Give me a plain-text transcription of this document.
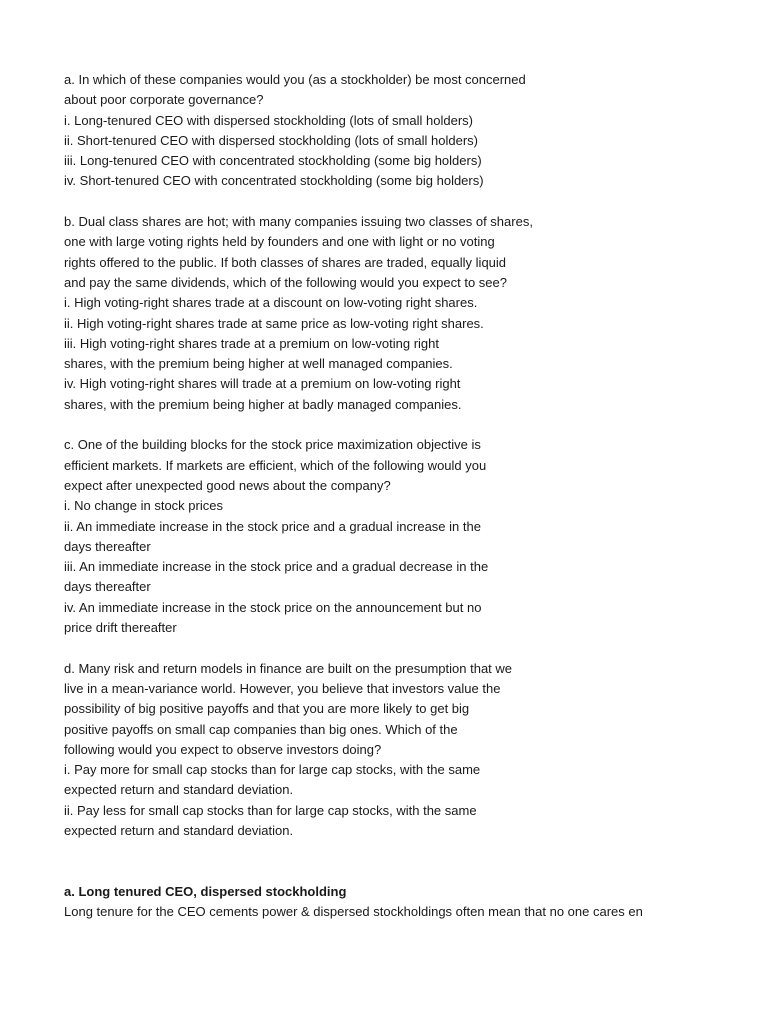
a. In which of these companies would you (as a stockholder) be most concerned
about poor corporate governance?
i. Long-tenured CEO with dispersed stockholding (lots of small holders)
ii. Short-tenured CEO with dispersed stockholding (lots of small holders)
iii. Long-tenured CEO with concentrated stockholding (some big holders)
iv. Short-tenured CEO with concentrated stockholding (some big holders)
b. Dual class shares are hot; with many companies issuing two classes of shares,
one with large voting rights held by founders and one with light or no voting
rights offered to the public. If both classes of shares are traded, equally liquid
and pay the same dividends, which of the following would you expect to see?
i. High voting-right shares trade at a discount on low-voting right shares.
ii. High voting-right shares trade at same price as low-voting right shares.
iii. High voting-right shares trade at a premium on low-voting right
shares, with the premium being higher at well managed companies.
iv. High voting-right shares will trade at a premium on low-voting right
shares, with the premium being higher at badly managed companies.
c. One of the building blocks for the stock price maximization objective is
efficient markets. If markets are efficient, which of the following would you
expect after unexpected good news about the company?
i. No change in stock prices
ii. An immediate increase in the stock price and a gradual increase in the
days thereafter
iii. An immediate increase in the stock price and a gradual decrease in the
days thereafter
iv. An immediate increase in the stock price on the announcement but no
price drift thereafter
d. Many risk and return models in finance are built on the presumption that we
live in a mean-variance world. However, you believe that investors value the
possibility of big positive payoffs and that you are more likely to get big
positive payoffs on small cap companies than big ones. Which of the
following would you expect to observe investors doing?
i. Pay more for small cap stocks than for large cap stocks, with the same
expected return and standard deviation.
ii. Pay less for small cap stocks than for large cap stocks, with the same
expected return and standard deviation.
a. Long tenured CEO, dispersed stockholding
Long tenure for the CEO cements power & dispersed stockholdings often mean that no one cares en
